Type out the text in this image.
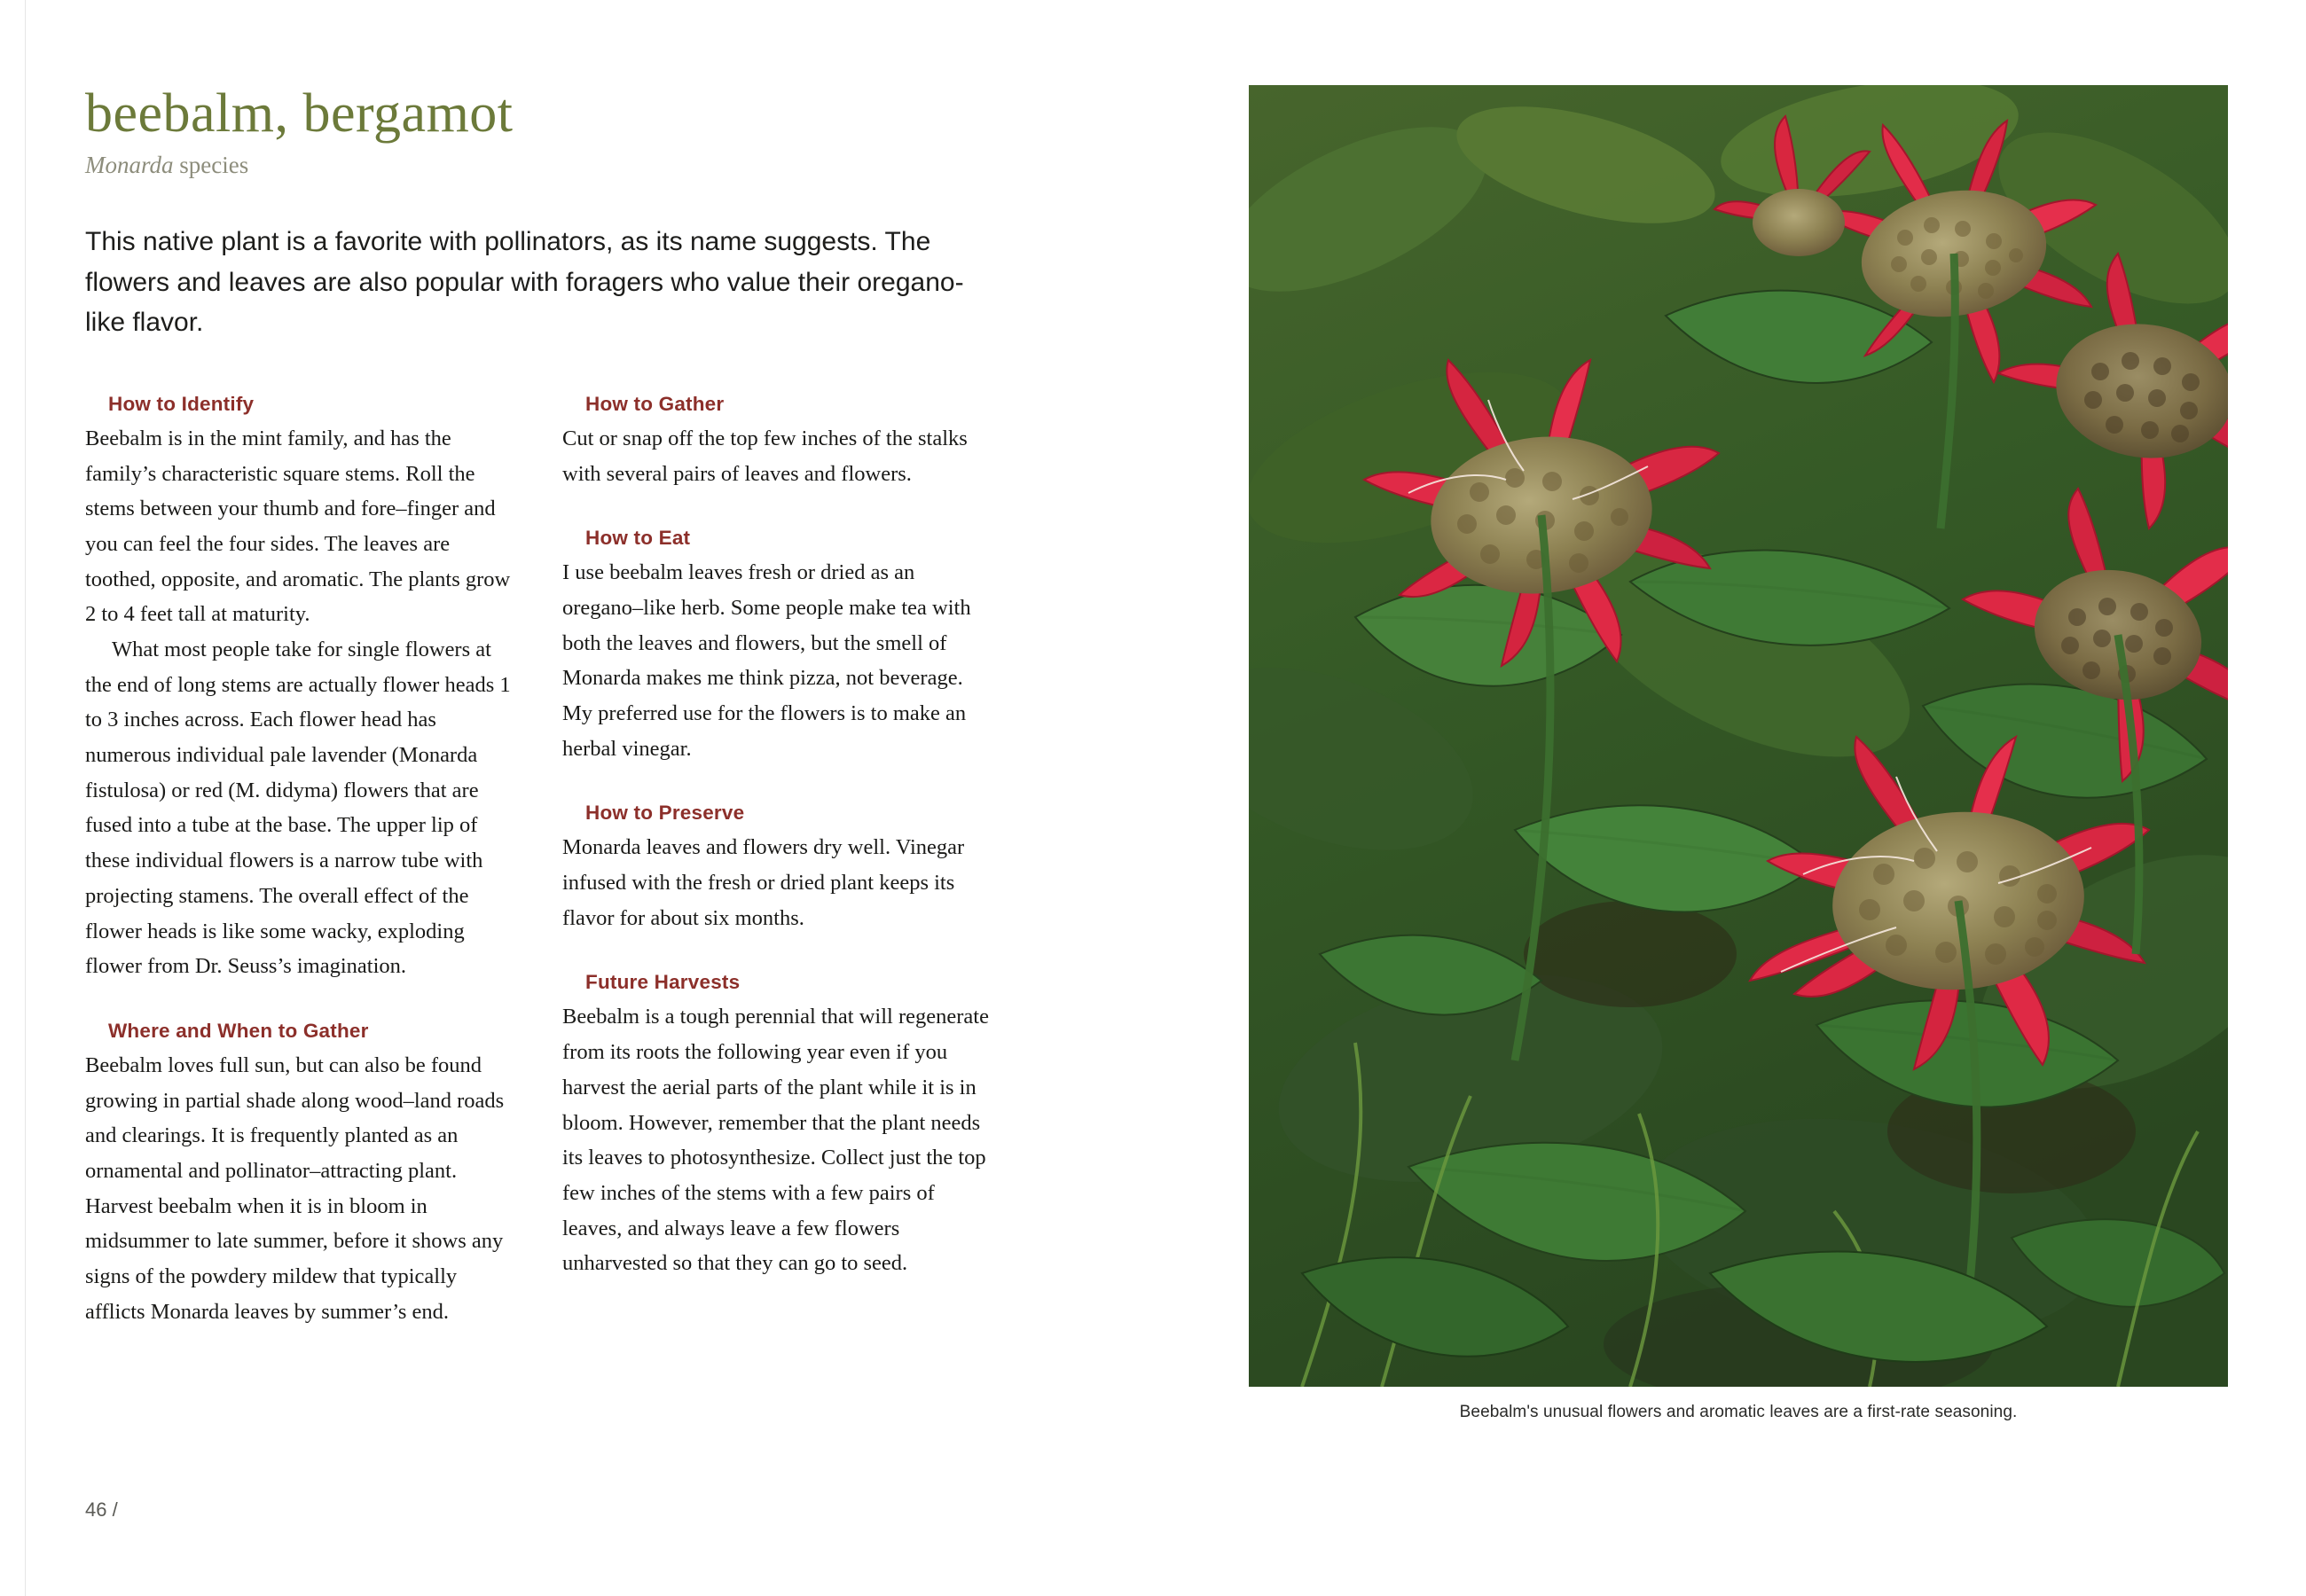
beebalm, bergamot
Monarda species
This native plant is a favorite with pollinators, as its name suggests. The flowers and leaves are also popular with foragers who value their oregano-like flavor.
How to Identify

Beebalm is in the mint family, and has the family’s characteristic square stems. Roll the stems between your thumb and fore–finger and you can feel the four sides. The leaves are toothed, opposite, and aromatic. The plants grow 2 to 4 feet tall at maturity.

What most people take for single flowers at the end of long stems are actually flower heads 1 to 3 inches across. Each flower head has numerous individual pale lavender (Monarda fistulosa) or red (M. didyma) flowers that are fused into a tube at the base. The upper lip of these individual flowers is a narrow tube with projecting stamens. The overall effect of the flower heads is like some wacky, exploding flower from Dr. Seuss’s imagination.

Where and When to Gather

Beebalm loves full sun, but can also be found growing in partial shade along wood–land roads and clearings. It is frequently planted as an ornamental and pollinator–attracting plant. Harvest beebalm when it is in bloom in midsummer to late summer, before it shows any signs of the powdery mildew that typically afflicts Monarda leaves by summer’s end.

How to Gather

Cut or snap off the top few inches of the stalks with several pairs of leaves and flowers.

How to Eat

I use beebalm leaves fresh or dried as an oregano–like herb. Some people make tea with both the leaves and flowers, but the smell of Monarda makes me think pizza, not beverage. My preferred use for the flowers is to make an herbal vinegar.

How to Preserve

Monarda leaves and flowers dry well. Vinegar infused with the fresh or dried plant keeps its flavor for about six months.

Future Harvests

Beebalm is a tough perennial that will regenerate from its roots the following year even if you harvest the aerial parts of the plant while it is in bloom. However, remember that the plant needs its leaves to photosynthesize. Collect just the top few inches of the stems with a few pairs of leaves, and always leave a few flowers unharvested so that they can go to seed.

46 /
Beebalm's unusual flowers and aromatic leaves are a first-rate seasoning.
